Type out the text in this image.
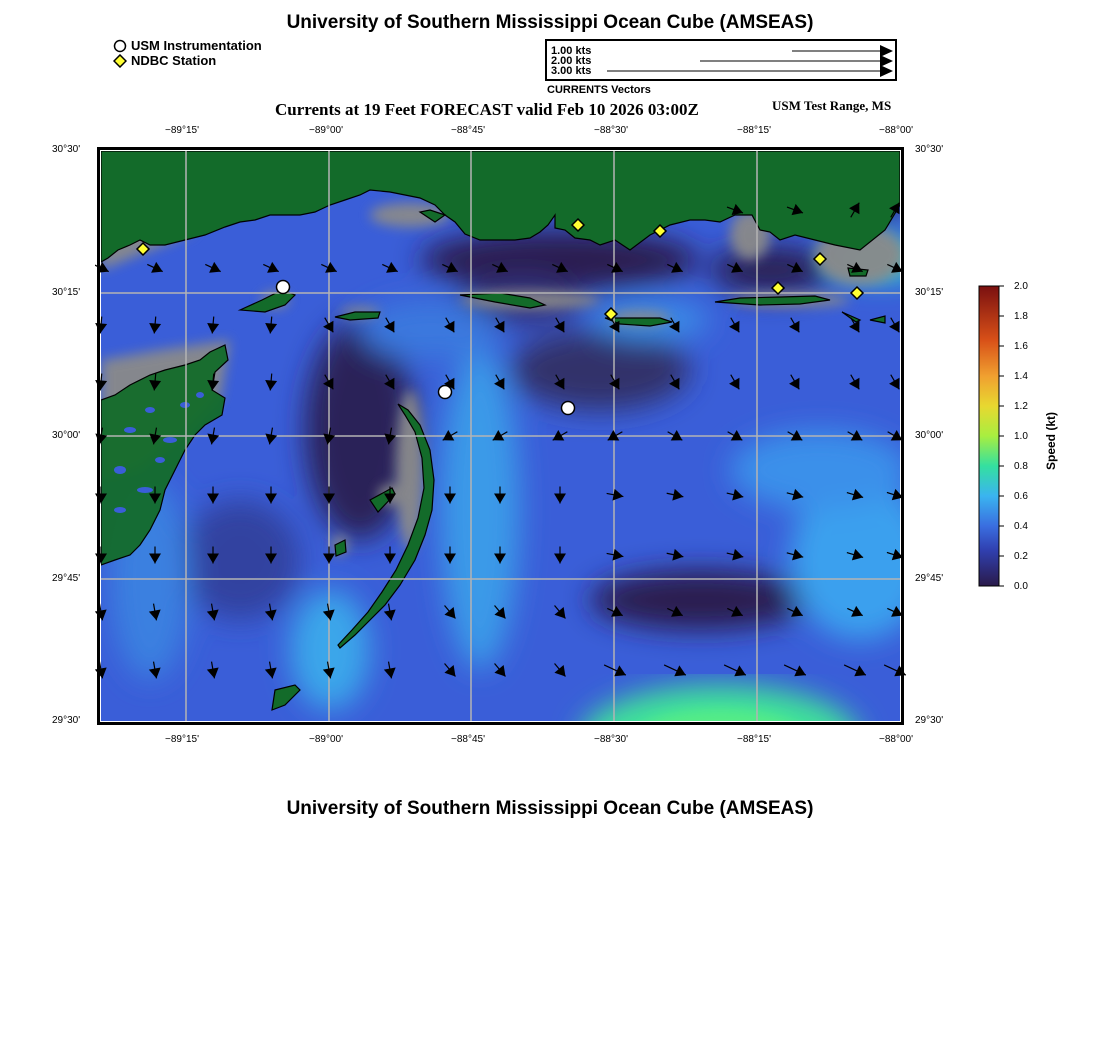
University of Southern Mississippi Ocean Cube (AMSEAS)
USM Instrumentation
NDBC Station
1.00 kts
2.00 kts
3.00 kts
CURRENTS Vectors
Currents at 19 Feet FORECAST valid Feb 10 2026 03:00Z	USM Test Range, MS
−89°15'	−89°00'	−88°45'	−88°30'	−88°15'	−88°00'
−89°15'	−89°00'	−88°45'	−88°30'	−88°15'	−88°00'
30°30'
30°15'
30°00'
29°45'
29°30'
30°30'
30°15'
30°00'
29°45'
29°30'
2.0
1.8
1.6
1.4
1.2
1.0
0.8
0.6
0.4
0.2
0.0
Speed (kt)
University of Southern Mississippi Ocean Cube (AMSEAS)
